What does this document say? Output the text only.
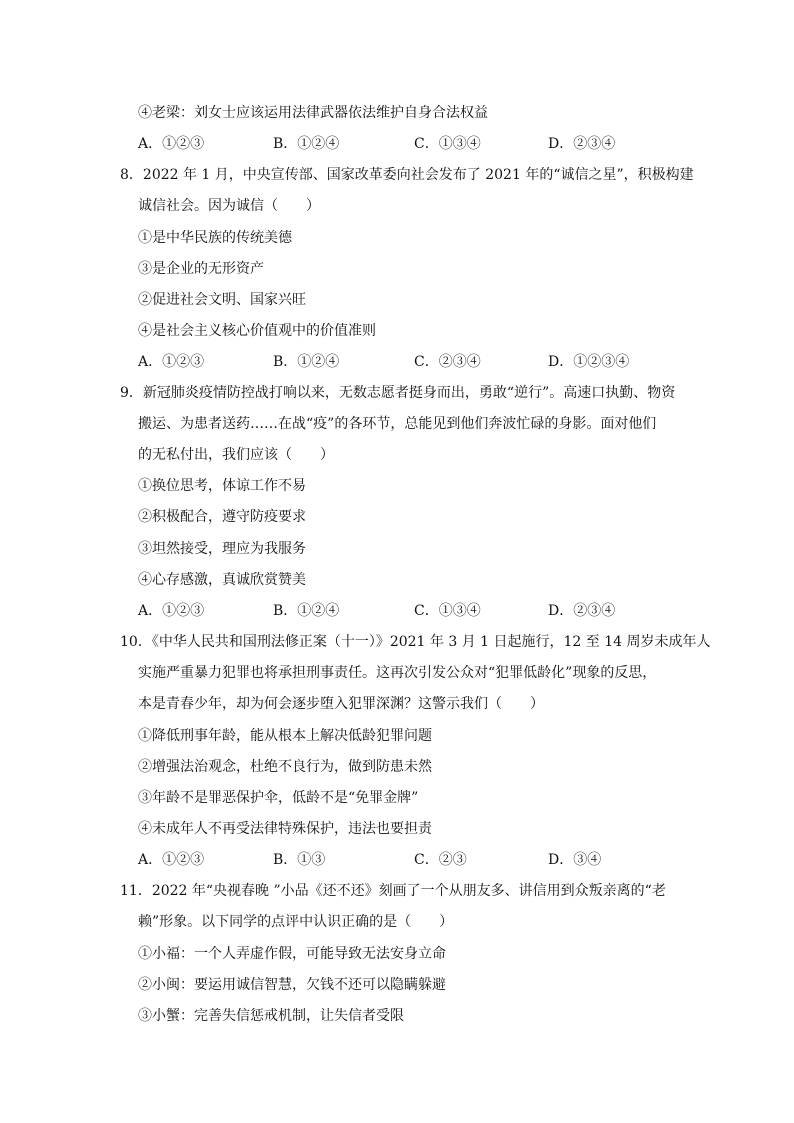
④老梁：刘女士应该运用法律武器依法维护自身合法权益
A．①②③	B．①②④	C．①③④	D．②③④
8．2022 年 1 月，中央宣传部、国家改革委向社会发布了 2021 年的“诚信之星”，积极构建
诚信社会。因为诚信（　　）
①是中华民族的传统美德
③是企业的无形资产
②促进社会文明、国家兴旺
④是社会主义核心价值观中的价值准则
A．①②③	B．①②④	C．②③④	D．①②③④
9．新冠肺炎疫情防控战打响以来，无数志愿者挺身而出，勇敢“逆行”。高速口执勤、物资
搬运、为患者送药……在战“疫”的各环节，总能见到他们奔波忙碌的身影。面对他们
的无私付出，我们应该（　　）
①换位思考，体谅工作不易
②积极配合，遵守防疫要求
③坦然接受，理应为我服务
④心存感激，真诚欣赏赞美
A．①②③	B．①②④	C．①③④	D．②③④
10．《中华人民共和国刑法修正案（十一）》2021 年 3 月 1 日起施行，12 至 14 周岁未成年人
实施严重暴力犯罪也将承担刑事责任。这再次引发公众对“犯罪低龄化”现象的反思，
本是青春少年，却为何会逐步堕入犯罪深渊？这警示我们（　　）
①降低刑事年龄，能从根本上解决低龄犯罪问题
②增强法治观念，杜绝不良行为，做到防患未然
③年龄不是罪恶保护伞，低龄不是“免罪金牌”
④未成年人不再受法律特殊保护，违法也要担责
A．①②③	B．①③	C．②③	D．③④
11．2022 年“央视春晚 ”小品《还不还》刻画了一个从朋友多、讲信用到众叛亲离的“老
赖”形象。以下同学的点评中认识正确的是（　　）
①小福：一个人弄虚作假，可能导致无法安身立命
②小闽：要运用诚信智慧，欠钱不还可以隐瞒躲避
③小蟹：完善失信惩戒机制，让失信者受限
